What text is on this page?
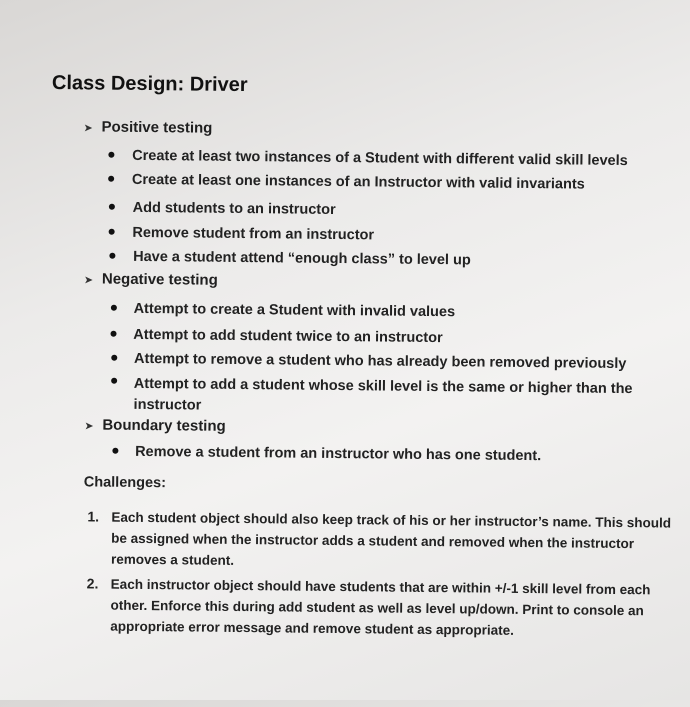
Class Design: Driver
➤ Positive testing
● Create at least two instances of a Student with different valid skill levels
● Create at least one instances of an Instructor with valid invariants
● Add students to an instructor
● Remove student from an instructor
● Have a student attend “enough class” to level up
➤ Negative testing
● Attempt to create a Student with invalid values
● Attempt to add student twice to an instructor
● Attempt to remove a student who has already been removed previously
● Attempt to add a student whose skill level is the same or higher than the instructor
➤ Boundary testing
● Remove a student from an instructor who has one student.
Challenges:
1. Each student object should also keep track of his or her instructor’s name. This should be assigned when the instructor adds a student and removed when the instructor removes a student.
2. Each instructor object should have students that are within +/-1 skill level from each other. Enforce this during add student as well as level up/down. Print to console an appropriate error message and remove student as appropriate.
